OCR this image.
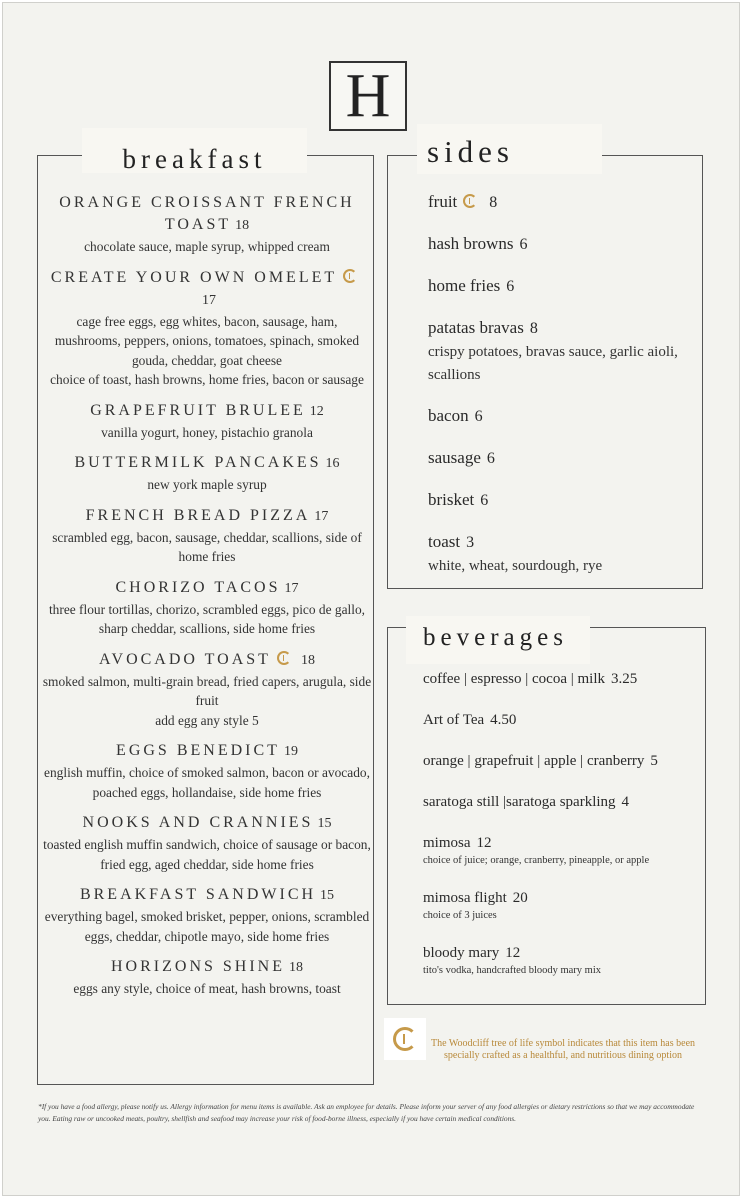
H
breakfast
ORANGE CROISSANT FRENCH TOAST 18
chocolate sauce, maple syrup, whipped cream
CREATE YOUR OWN OMELET17
cage free eggs, egg whites, bacon, sausage, ham, mushrooms, peppers, onions, tomatoes, spinach, smoked gouda, cheddar, goat cheese
choice of toast, hash browns, home fries, bacon or sausage
GRAPEFRUIT BRULEE 12
vanilla yogurt, honey, pistachio granola
BUTTERMILK PANCAKES 16
new york maple syrup
FRENCH BREAD PIZZA 17
scrambled egg, bacon, sausage, cheddar, scallions, side of home fries
CHORIZO TACOS 17
three flour tortillas, chorizo, scrambled eggs, pico de gallo, sharp cheddar, scallions, side home fries
AVOCADO TOAST 18
smoked salmon, multi-grain bread, fried capers, arugula, side fruit
add egg any style 5
EGGS BENEDICT 19
english muffin, choice of smoked salmon, bacon or avocado, poached eggs, hollandaise, side home fries
NOOKS AND CRANNIES 15
toasted english muffin sandwich, choice of sausage or bacon, fried egg, aged cheddar, side home fries
BREAKFAST SANDWICH 15
everything bagel, smoked brisket, pepper, onions, scrambled eggs, cheddar, chipotle mayo, side home fries
HORIZONS SHINE 18
eggs any style, choice of meat, hash browns, toast
sides
fruit 8
hash browns 6
home fries 6
patatas bravas 8
crispy potatoes, bravas sauce, garlic aioli, scallions
bacon 6
sausage 6
brisket 6
toast 3
white, wheat, sourdough, rye
beverages
coffee | espresso | cocoa | milk 3.25
Art of Tea 4.50
orange | grapefruit | apple | cranberry 5
saratoga still |saratoga sparkling 4
mimosa 12
choice of juice; orange, cranberry, pineapple, or apple
mimosa flight 20
choice of 3 juices
bloody mary 12
tito's vodka, handcrafted bloody mary mix
The Woodcliff tree of life symbol indicates that this item has been specially crafted as a healthful, and nutritious dining option
*If you have a food allergy, please notify us. Allergy information for menu items is available. Ask an employee for details. Please inform your server of any food allergies or dietary restrictions so that we may accommodate you. Eating raw or uncooked meats, poultry, shellfish and seafood may increase your risk of food-borne illness, especially if you have certain medical conditions.
